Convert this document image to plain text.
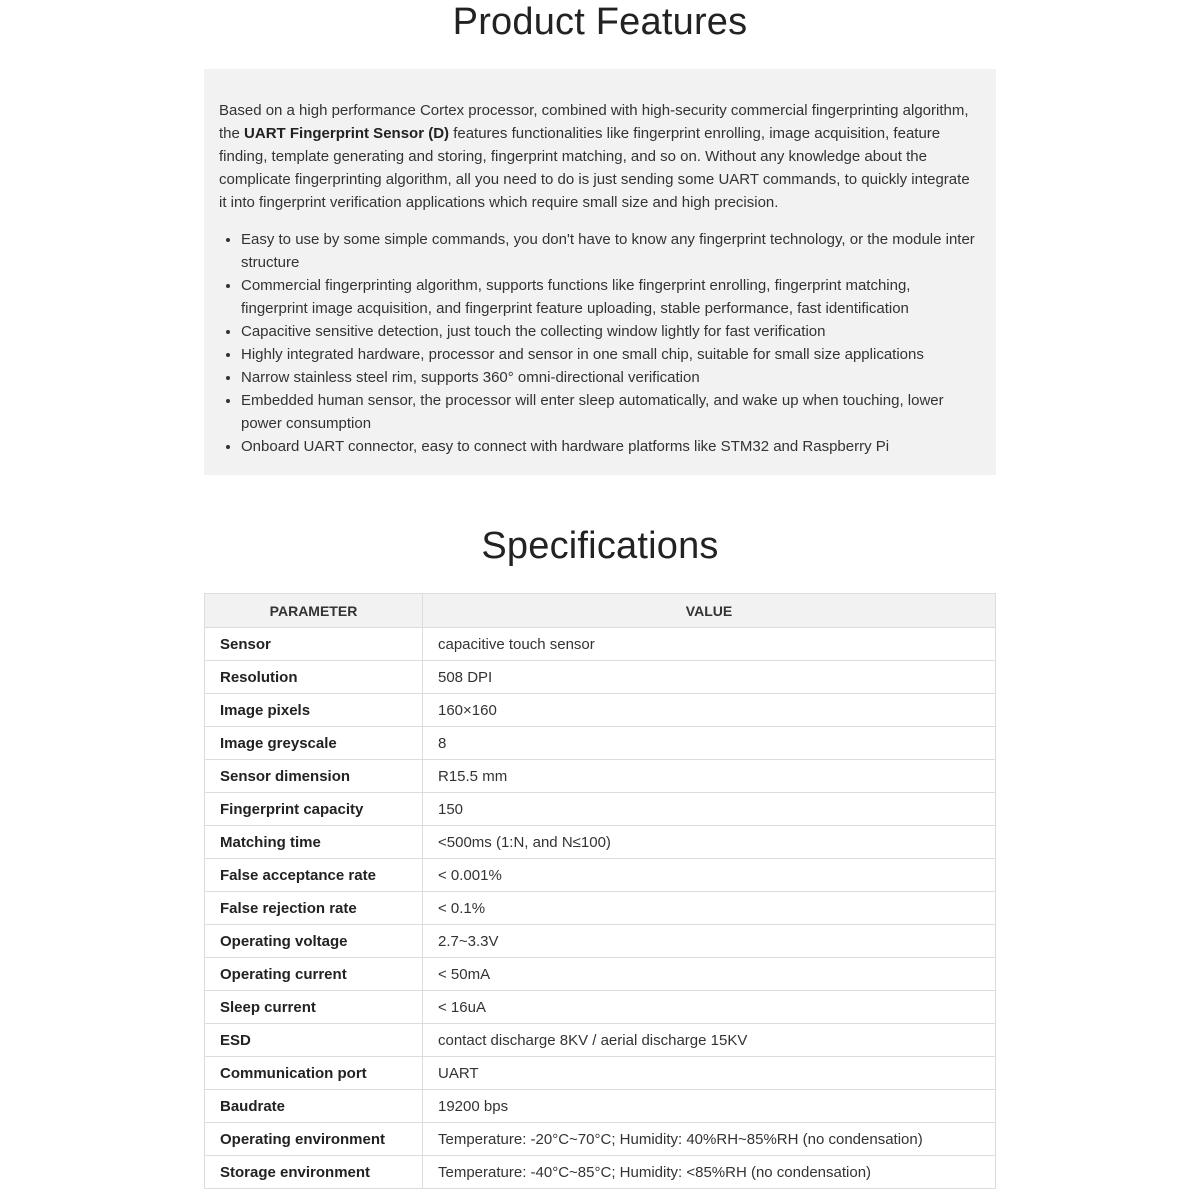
Product Features

Based on a high performance Cortex processor, combined with high-security commercial fingerprinting algorithm, the UART Fingerprint Sensor (D) features functionalities like fingerprint enrolling, image acquisition, feature finding, template generating and storing, fingerprint matching, and so on. Without any knowledge about the complicate fingerprinting algorithm, all you need to do is just sending some UART commands, to quickly integrate it into fingerprint verification applications which require small size and high precision.

• Easy to use by some simple commands, you don't have to know any fingerprint technology, or the module inter structure
• Commercial fingerprinting algorithm, supports functions like fingerprint enrolling, fingerprint matching, fingerprint image acquisition, and fingerprint feature uploading, stable performance, fast identification
• Capacitive sensitive detection, just touch the collecting window lightly for fast verification
• Highly integrated hardware, processor and sensor in one small chip, suitable for small size applications
• Narrow stainless steel rim, supports 360° omni-directional verification
• Embedded human sensor, the processor will enter sleep automatically, and wake up when touching, lower power consumption
• Onboard UART connector, easy to connect with hardware platforms like STM32 and Raspberry Pi
Specifications
PARAMETER	VALUE
Sensor	capacitive touch sensor
Resolution	508 DPI
Image pixels	160×160
Image greyscale	8
Sensor dimension	R15.5 mm
Fingerprint capacity	150
Matching time	<500ms (1:N, and N≤100)
False acceptance rate	< 0.001%
False rejection rate	< 0.1%
Operating voltage	2.7~3.3V
Operating current	< 50mA
Sleep current	< 16uA
ESD	contact discharge 8KV / aerial discharge 15KV
Communication port	UART
Baudrate	19200 bps
Operating environment	Temperature: -20°C~70°C; Humidity: 40%RH~85%RH (no condensation)
Storage environment	Temperature: -40°C~85°C; Humidity: <85%RH (no condensation)
